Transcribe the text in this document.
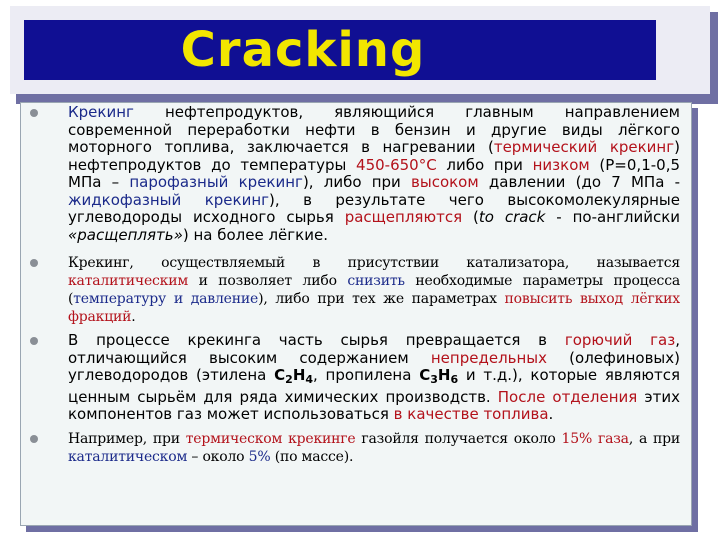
Cracking
Крекинг нефтепродуктов, являющийся главным направлением современной переработки нефти в бензин и другие виды лёгкого моторного топлива, заключается в нагревании (термический крекинг) нефтепродуктов до температуры 450-650°С либо при низком (Р=0,1-0,5 МПа – парофазный крекинг), либо при высоком давлении (до 7 МПа - жидкофазный крекинг), в результате чего высокомолекулярные углеводороды исходного сырья расщепляются (to crack - по-английски «расщеплять») на более лёгкие.
Крекинг, осуществляемый в присутствии катализатора, называется каталитическим и позволяет либо снизить необходимые параметры процесса (температуру и давление), либо при тех же параметрах повысить выход лёгких фракций.
В процессе крекинга часть сырья превращается в горючий газ, отличающийся высоким содержанием непредельных (олефиновых) углеводородов (этилена $С_2Н_4$, пропилена $С_3Н_6$ и т.д.), которые являются ценным сырьём для ряда химических производств. После отделения этих компонентов газ может использоваться в качестве топлива.
Например, при термическом крекинге газойля получается около 15% газа, а при каталитическом – около 5% (по массе).
